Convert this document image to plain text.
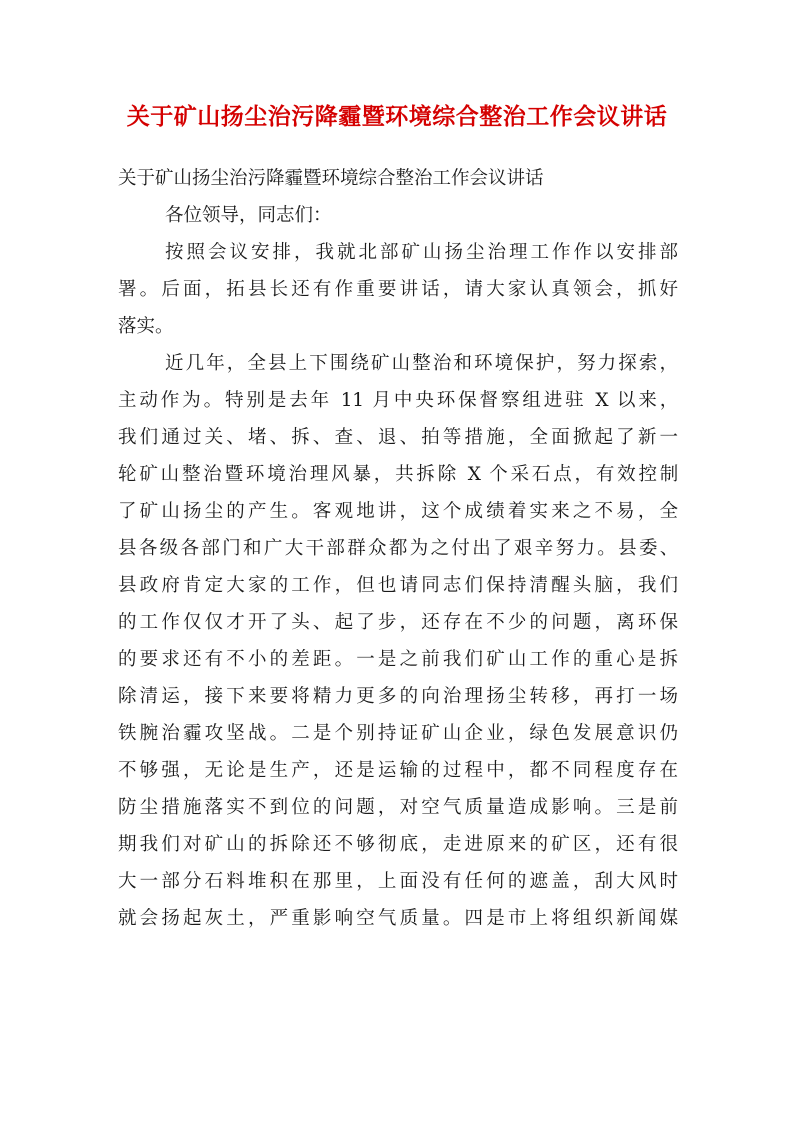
关于矿山扬尘治污降霾暨环境综合整治工作会议讲话
关于矿山扬尘治污降霾暨环境综合整治工作会议讲话
各位领导，同志们：
按照会议安排，我就北部矿山扬尘治理工作作以安排部
署。后面，拓县长还有作重要讲话，请大家认真领会，抓好
落实。
近几年，全县上下围绕矿山整治和环境保护，努力探索，
主动作为。特别是去年 11 月中央环保督察组进驻 X 以来，
我们通过关、堵、拆、查、退、拍等措施，全面掀起了新一
轮矿山整治暨环境治理风暴，共拆除 X 个采石点，有效控制
了矿山扬尘的产生。客观地讲，这个成绩着实来之不易，全
县各级各部门和广大干部群众都为之付出了艰辛努力。县委、
县政府肯定大家的工作，但也请同志们保持清醒头脑，我们
的工作仅仅才开了头、起了步，还存在不少的问题，离环保
的要求还有不小的差距。一是之前我们矿山工作的重心是拆
除清运，接下来要将精力更多的向治理扬尘转移，再打一场
铁腕治霾攻坚战。二是个别持证矿山企业，绿色发展意识仍
不够强，无论是生产，还是运输的过程中，都不同程度存在
防尘措施落实不到位的问题，对空气质量造成影响。三是前
期我们对矿山的拆除还不够彻底，走进原来的矿区，还有很
大一部分石料堆积在那里，上面没有任何的遮盖，刮大风时
就会扬起灰土，严重影响空气质量。四是市上将组织新闻媒
